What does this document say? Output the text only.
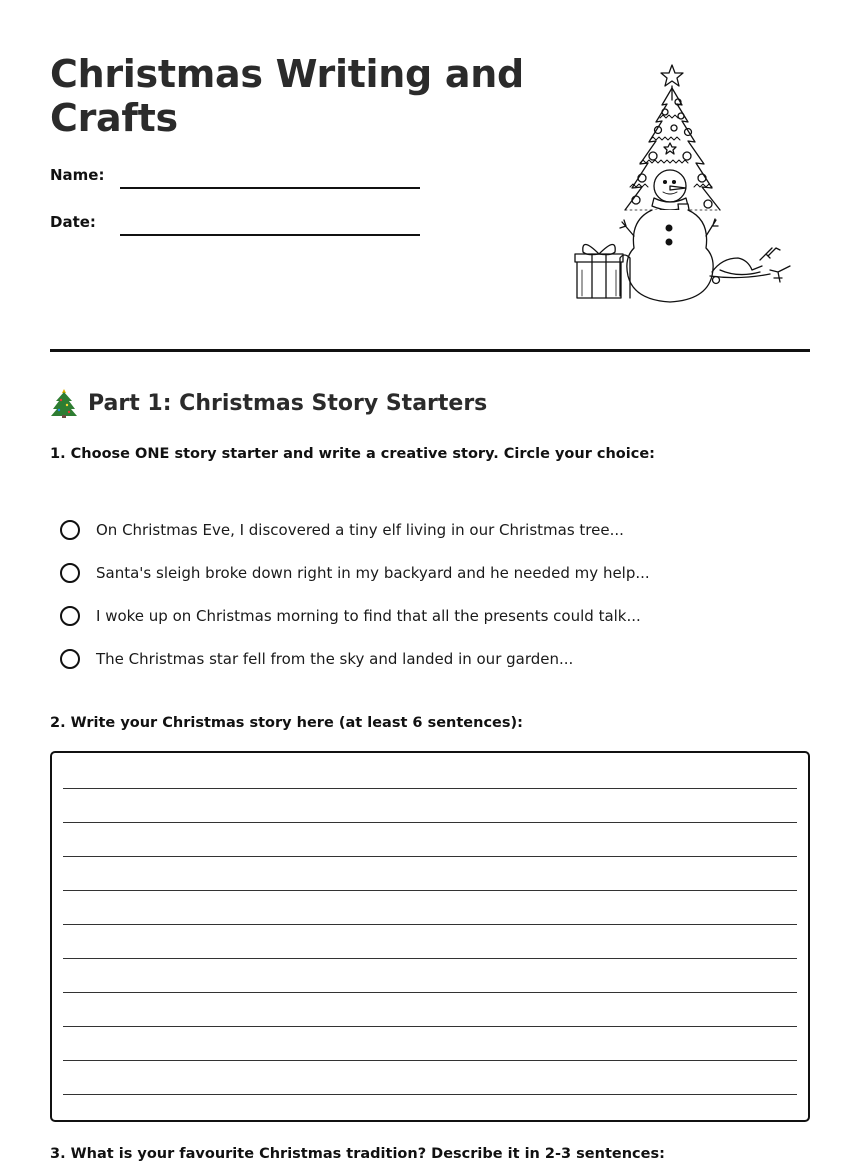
Christmas Writing and Crafts
Name:
Date:
Part 1: Christmas Story Starters

1. Choose ONE story starter and write a creative story. Circle your choice:

On Christmas Eve, I discovered a tiny elf living in our Christmas tree...
Santa's sleigh broke down right in my backyard and he needed my help...
I woke up on Christmas morning to find that all the presents could talk...
The Christmas star fell from the sky and landed in our garden...

2. Write your Christmas story here (at least 6 sentences):

3. What is your favourite Christmas tradition? Describe it in 2-3 sentences:
